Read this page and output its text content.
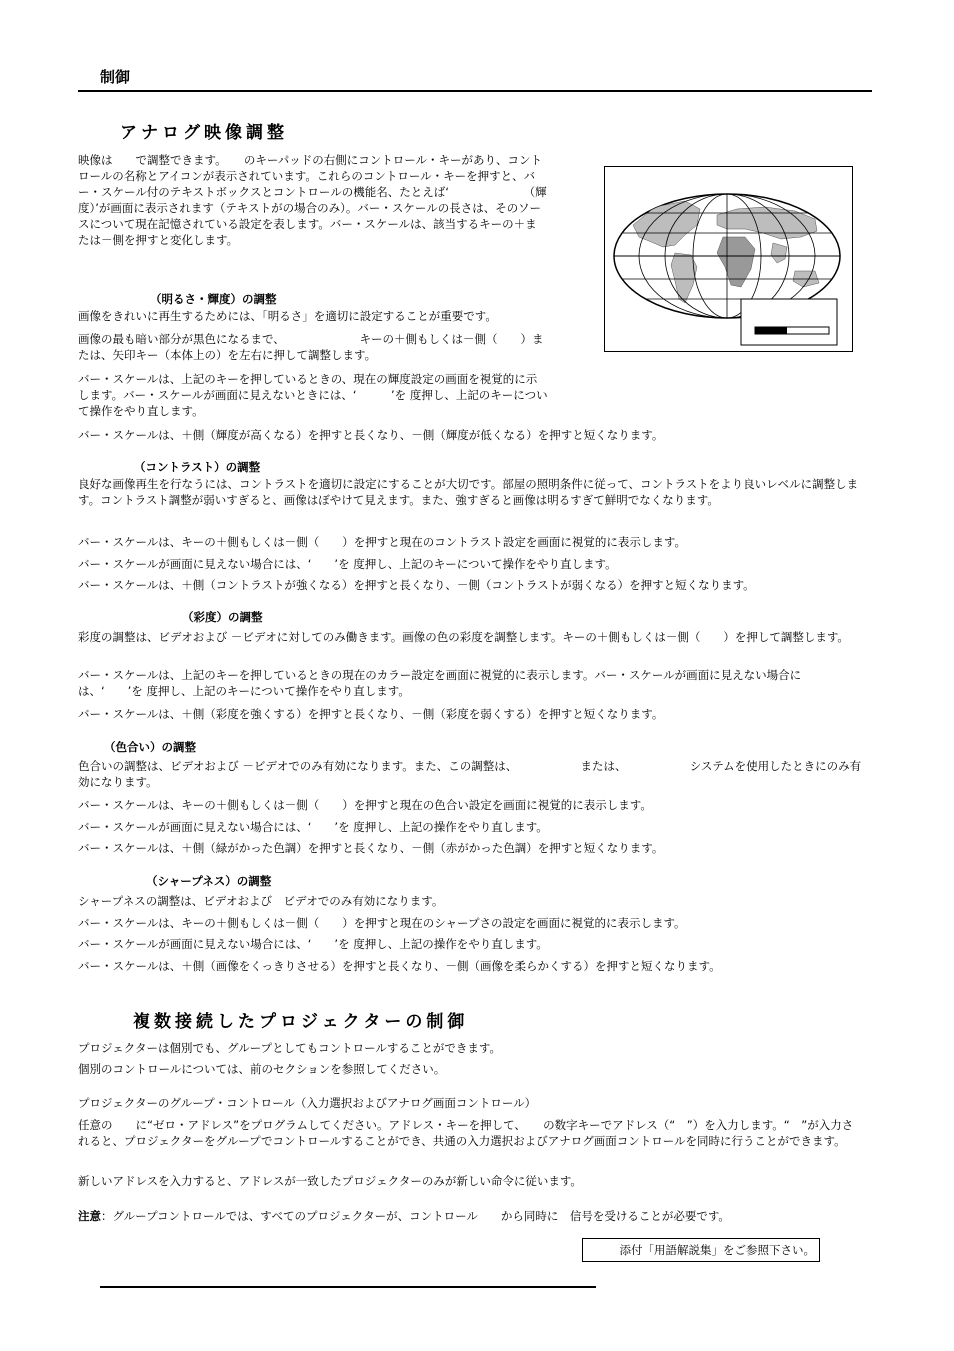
制御
アナログ映像調整
映像は　　で調整できます。　　のキーパッドの右側にコントロール・キーがあり、コントロールの名称とアイコンが表示されています。これらのコントロール・キーを押すと、バー・スケール付のテキストボックスとコントロールの機能名、たとえば‘　　　　　　　（輝度）’が画面に表示されます（テキストがの場合のみ）。バー・スケールの長さは、そのソースについて現在記憶されている設定を表します。バー・スケールは、該当するキーの＋または－側を押すと変化します。
（明るさ・輝度）の調整
画像をきれいに再生するためには、「明るさ」を適切に設定することが重要です。
画像の最も暗い部分が黒色になるまで、　　　　　　　キーの＋側もしくは－側（　　）または、矢印キー（本体上の）を左右に押して調整します。
バー・スケールは、上記のキーを押しているときの、現在の輝度設定の画面を視覚的に示します。バー・スケールが画面に見えないときには、‘　　　’を 度押し、上記のキーについて操作をやり直します。
バー・スケールは、＋側（輝度が高くなる）を押すと長くなり、－側（輝度が低くなる）を押すと短くなります。
（コントラスト）の調整
良好な画像再生を行なうには、コントラストを適切に設定にすることが大切です。部屋の照明条件に従って、コントラストをより良いレベルに調整します。コントラスト調整が弱いすぎると、画像はぼやけて見えます。また、強すぎると画像は明るすぎて鮮明でなくなります。
バー・スケールは、キーの＋側もしくは－側（　　）を押すと現在のコントラスト設定を画面に視覚的に表示します。
バー・スケールが画面に見えない場合には、‘　　’を 度押し、上記のキーについて操作をやり直します。
バー・スケールは、＋側（コントラストが強くなる）を押すと長くなり、－側（コントラストが弱くなる）を押すと短くなります。
（彩度）の調整
彩度の調整は、ビデオおよび －ビデオに対してのみ働きます。画像の色の彩度を調整します。キーの＋側もしくは－側（　　）を押して調整します。
バー・スケールは、上記のキーを押しているときの現在のカラー設定を画面に視覚的に表示します。バー・スケールが画面に見えない場合には、‘　　’を 度押し、上記のキーについて操作をやり直します。
バー・スケールは、＋側（彩度を強くする）を押すと長くなり、－側（彩度を弱くする）を押すと短くなります。
（色合い）の調整
色合いの調整は、ビデオおよび －ビデオでのみ有効になります。また、この調整は、　　　　　　または、　　　　　　システムを使用したときにのみ有効になります。
バー・スケールは、キーの＋側もしくは－側（　　）を押すと現在の色合い設定を画面に視覚的に表示します。
バー・スケールが画面に見えない場合には、‘　　’を 度押し、上記の操作をやり直します。
バー・スケールは、＋側（緑がかった色調）を押すと長くなり、－側（赤がかった色調）を押すと短くなります。
（シャープネス）の調整
シャープネスの調整は、ビデオおよび　ビデオでのみ有効になります。
バー・スケールは、キーの＋側もしくは－側（　　）を押すと現在のシャープさの設定を画面に視覚的に表示します。
バー・スケールが画面に見えない場合には、‘　　’を 度押し、上記の操作をやり直します。
バー・スケールは、＋側（画像をくっきりさせる）を押すと長くなり、－側（画像を柔らかくする）を押すと短くなります。
複数接続したプロジェクターの制御
プロジェクターは個別でも、グループとしてもコントロールすることができます。
個別のコントロールについては、前のセクションを参照してください。
プロジェクターのグループ・コントロール（入力選択およびアナログ画面コントロール）
任意の　　に“ゼロ・アドレス”をプログラムしてください。アドレス・キーを押して、　　の数字キーでアドレス（“　”）を入力します。“　”が入力されると、プロジェクターをグループでコントロールすることができ、共通の入力選択およびアナログ画面コントロールを同時に行うことができます。
新しいアドレスを入力すると、アドレスが一致したプロジェクターのみが新しい命令に従います。
注意：グループコントロールでは、すべてのプロジェクターが、コントロール　　から同時に　信号を受けることが必要です。
添付「用語解説集」をご参照下さい。
